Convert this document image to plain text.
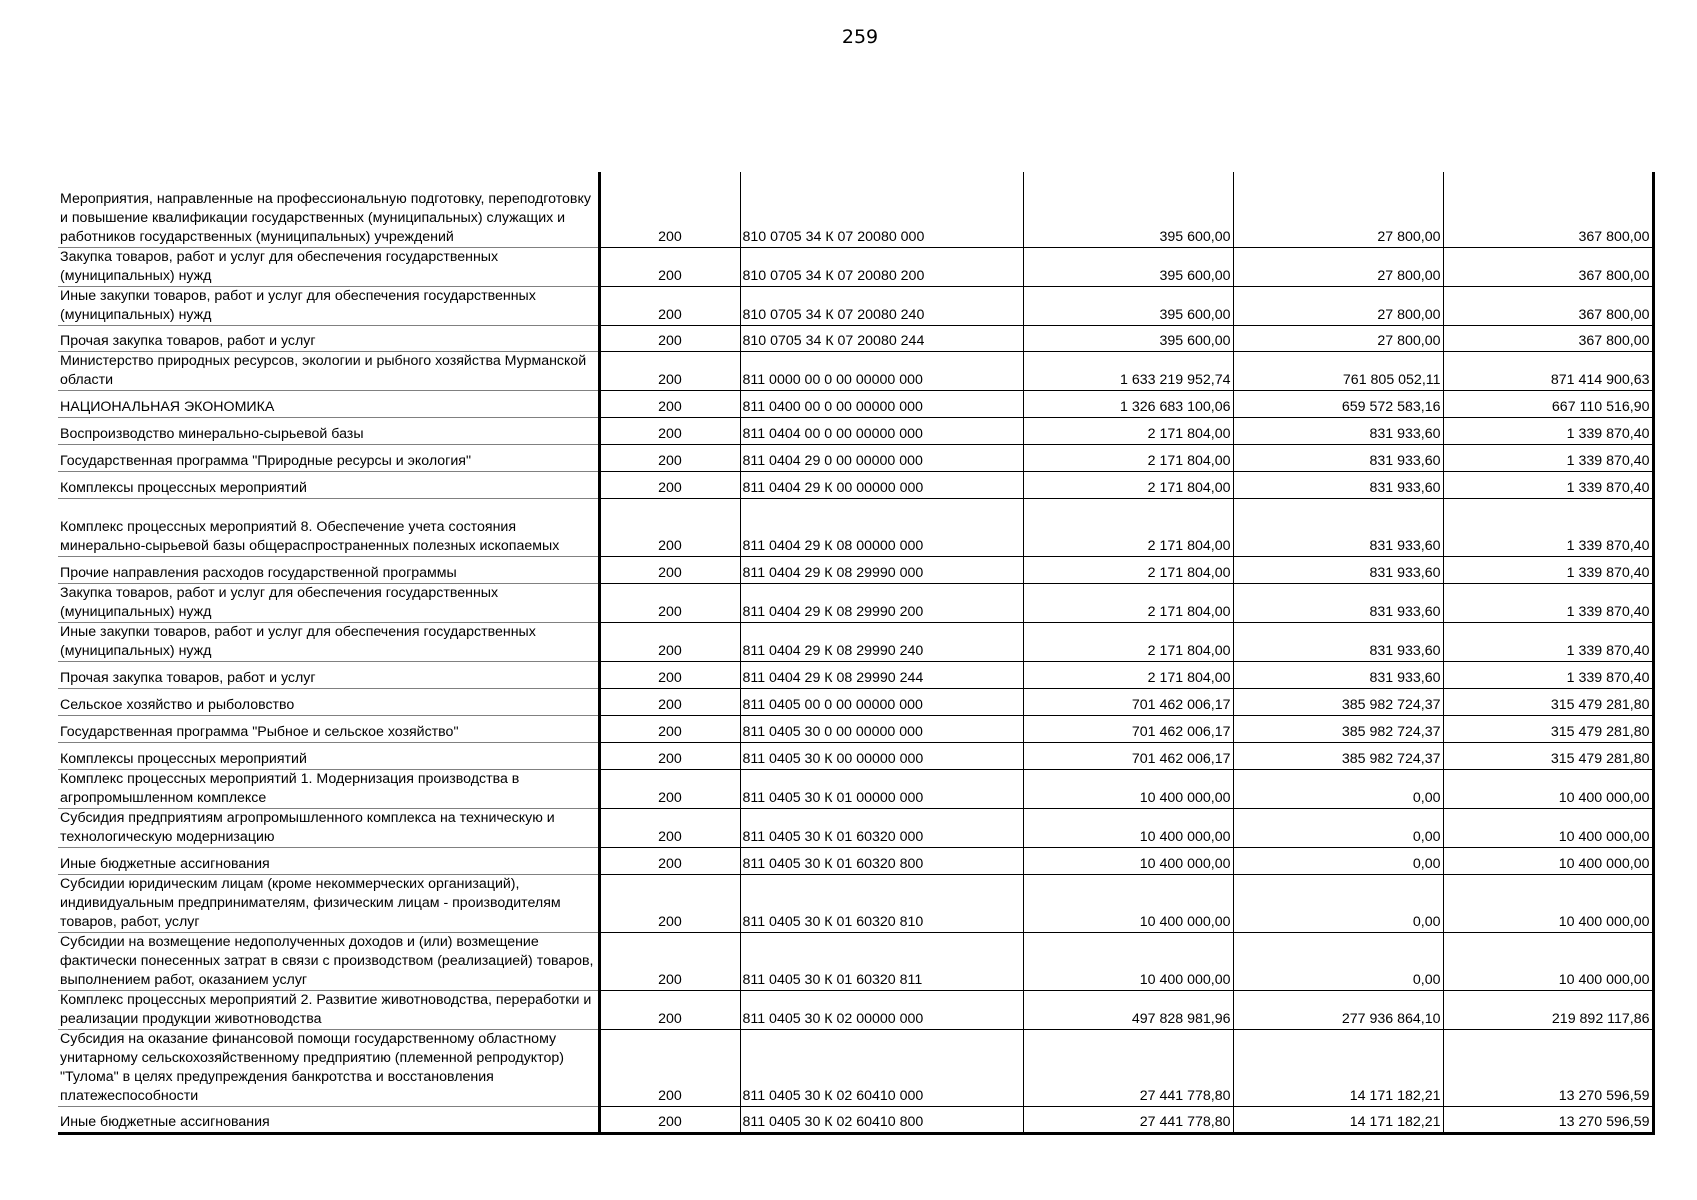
259
Мероприятия, направленные на профессиональную подготовку, переподготовку и повышение квалификации государственных (муниципальных) служащих и работников государственных (муниципальных) учреждений	200	810 0705 34 К 07 20080 000	395 600,00	27 800,00	367 800,00

Закупка товаров, работ и услуг для обеспечения государственных (муниципальных) нужд	200	810 0705 34 К 07 20080 200	395 600,00	27 800,00	367 800,00

Иные закупки товаров, работ и услуг для обеспечения государственных (муниципальных) нужд	200	810 0705 34 К 07 20080 240	395 600,00	27 800,00	367 800,00

Прочая закупка товаров, работ и услуг	200	810 0705 34 К 07 20080 244	395 600,00	27 800,00	367 800,00

Министерство природных ресурсов, экологии и рыбного хозяйства Мурманской области	200	811 0000 00 0 00 00000 000	1 633 219 952,74	761 805 052,11	871 414 900,63

НАЦИОНАЛЬНАЯ ЭКОНОМИКА	200	811 0400 00 0 00 00000 000	1 326 683 100,06	659 572 583,16	667 110 516,90

Воспроизводство минерально-сырьевой базы	200	811 0404 00 0 00 00000 000	2 171 804,00	831 933,60	1 339 870,40

Государственная программа "Природные ресурсы и экология"	200	811 0404 29 0 00 00000 000	2 171 804,00	831 933,60	1 339 870,40

Комплексы процессных мероприятий	200	811 0404 29 К 00 00000 000	2 171 804,00	831 933,60	1 339 870,40

Комплекс процессных мероприятий 8. Обеспечение учета состояния минерально-сырьевой базы общераспространенных полезных ископаемых	200	811 0404 29 К 08 00000 000	2 171 804,00	831 933,60	1 339 870,40

Прочие направления расходов государственной программы	200	811 0404 29 К 08 29990 000	2 171 804,00	831 933,60	1 339 870,40

Закупка товаров, работ и услуг для обеспечения государственных (муниципальных) нужд	200	811 0404 29 К 08 29990 200	2 171 804,00	831 933,60	1 339 870,40

Иные закупки товаров, работ и услуг для обеспечения государственных (муниципальных) нужд	200	811 0404 29 К 08 29990 240	2 171 804,00	831 933,60	1 339 870,40

Прочая закупка товаров, работ и услуг	200	811 0404 29 К 08 29990 244	2 171 804,00	831 933,60	1 339 870,40

Сельское хозяйство и рыболовство	200	811 0405 00 0 00 00000 000	701 462 006,17	385 982 724,37	315 479 281,80

Государственная программа "Рыбное и сельское хозяйство"	200	811 0405 30 0 00 00000 000	701 462 006,17	385 982 724,37	315 479 281,80

Комплексы процессных мероприятий	200	811 0405 30 К 00 00000 000	701 462 006,17	385 982 724,37	315 479 281,80

Комплекс процессных мероприятий 1. Модернизация производства в агропромышленном комплексе	200	811 0405 30 К 01 00000 000	10 400 000,00	0,00	10 400 000,00

Субсидия предприятиям агропромышленного комплекса на техническую и технологическую модернизацию	200	811 0405 30 К 01 60320 000	10 400 000,00	0,00	10 400 000,00

Иные бюджетные ассигнования	200	811 0405 30 К 01 60320 800	10 400 000,00	0,00	10 400 000,00

Субсидии юридическим лицам (кроме некоммерческих организаций), индивидуальным предпринимателям, физическим лицам - производителям товаров, работ, услуг	200	811 0405 30 К 01 60320 810	10 400 000,00	0,00	10 400 000,00

Субсидии на возмещение недополученных доходов и (или) возмещение фактически понесенных затрат в связи с производством (реализацией) товаров, выполнением работ, оказанием услуг	200	811 0405 30 К 01 60320 811	10 400 000,00	0,00	10 400 000,00

Комплекс процессных мероприятий 2. Развитие животноводства, переработки и реализации продукции животноводства	200	811 0405 30 К 02 00000 000	497 828 981,96	277 936 864,10	219 892 117,86

Субсидия на оказание финансовой помощи государственному областному унитарному сельскохозяйственному предприятию (племенной репродуктор) "Тулома" в целях предупреждения банкротства и восстановления платежеспособности	200	811 0405 30 К 02 60410 000	27 441 778,80	14 171 182,21	13 270 596,59

Иные бюджетные ассигнования	200	811 0405 30 К 02 60410 800	27 441 778,80	14 171 182,21	13 270 596,59
